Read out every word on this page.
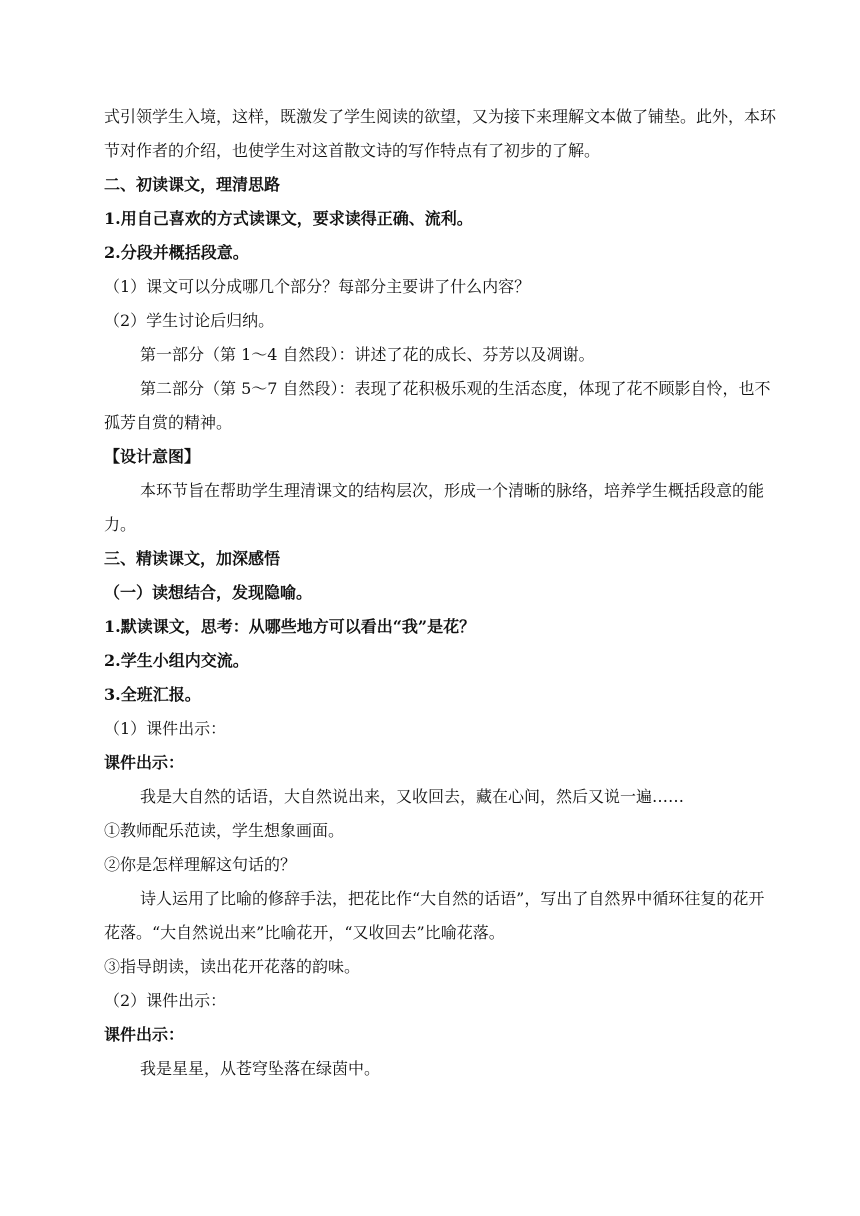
式引领学生入境，这样，既激发了学生阅读的欲望，又为接下来理解文本做了铺垫。此外，本环节对作者的介绍，也使学生对这首散文诗的写作特点有了初步的了解。
二、初读课文，理清思路
1.用自己喜欢的方式读课文，要求读得正确、流利。
2.分段并概括段意。
（1）课文可以分成哪几个部分？每部分主要讲了什么内容？
（2）学生讨论后归纳。
第一部分（第 1～4 自然段）：讲述了花的成长、芬芳以及凋谢。
第二部分（第 5～7 自然段）：表现了花积极乐观的生活态度，体现了花不顾影自怜，也不孤芳自赏的精神。
【设计意图】
本环节旨在帮助学生理清课文的结构层次，形成一个清晰的脉络，培养学生概括段意的能力。
三、精读课文，加深感悟
（一）读想结合，发现隐喻。
1.默读课文，思考：从哪些地方可以看出“我”是花？
2.学生小组内交流。
3.全班汇报。
（1）课件出示：
课件出示：
我是大自然的话语，大自然说出来，又收回去，藏在心间，然后又说一遍……
①教师配乐范读，学生想象画面。
②你是怎样理解这句话的？
诗人运用了比喻的修辞手法，把花比作“大自然的话语”，写出了自然界中循环往复的花开花落。“大自然说出来”比喻花开，“又收回去”比喻花落。
③指导朗读，读出花开花落的韵味。
（2）课件出示：
课件出示：
我是星星，从苍穹坠落在绿茵中。
